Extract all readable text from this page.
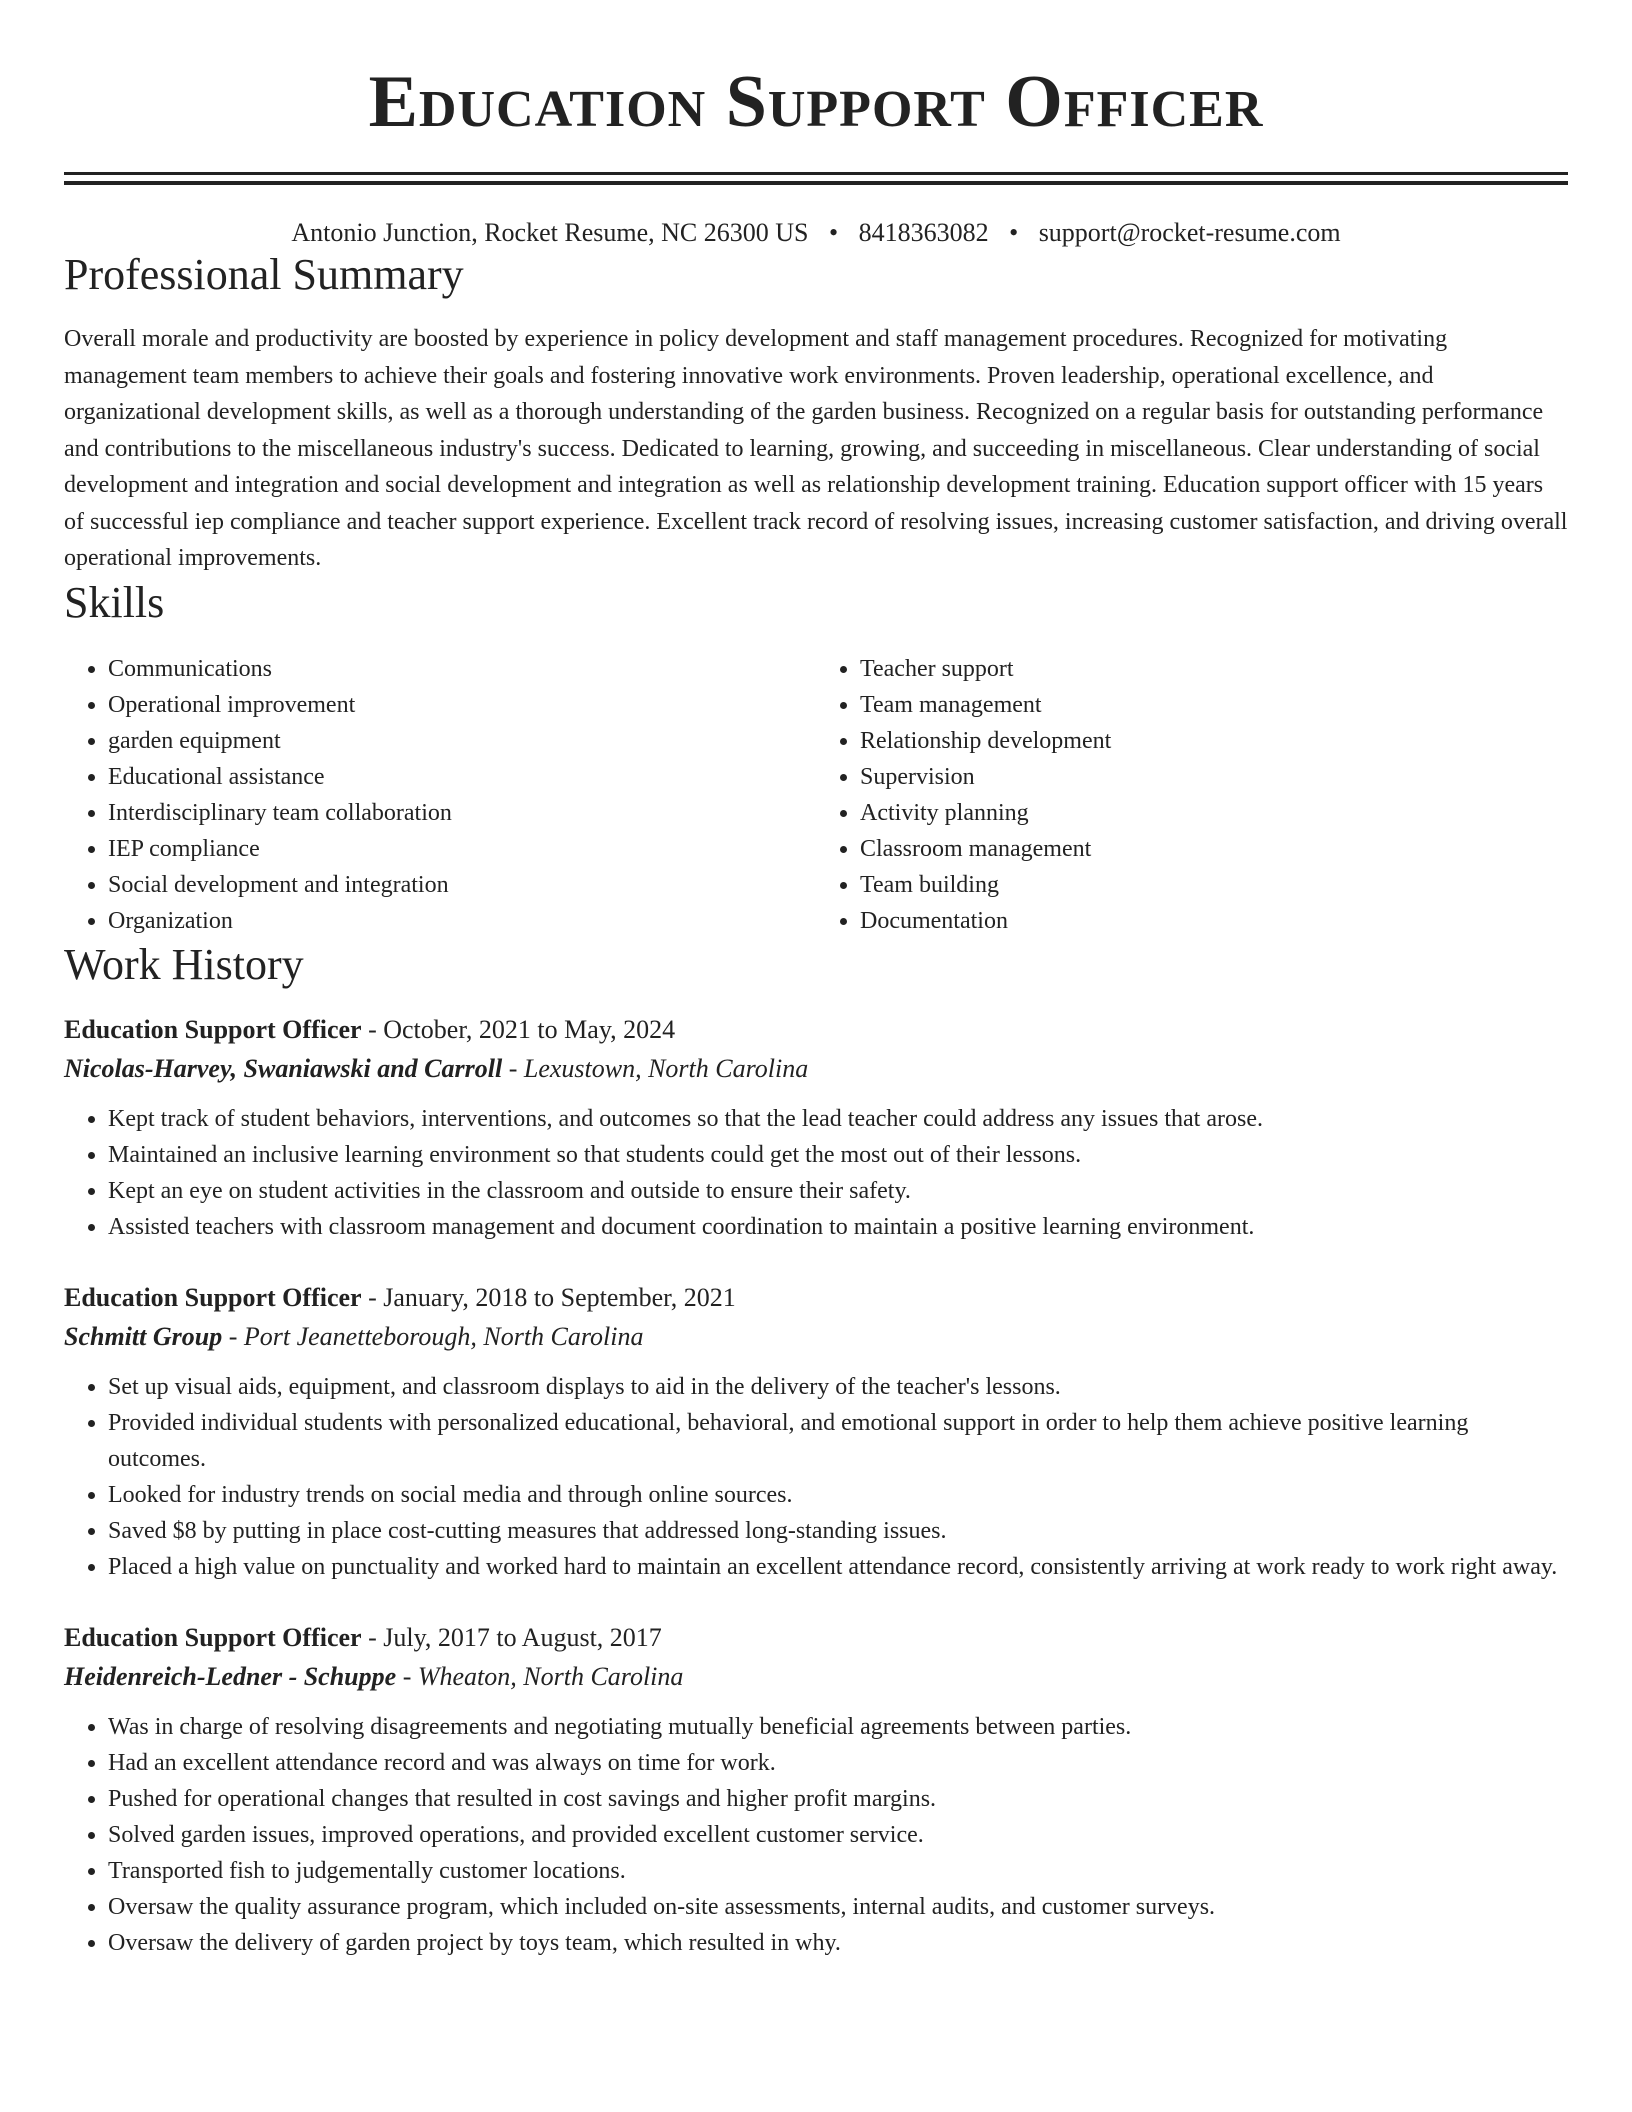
Education Support Officer
Antonio Junction, Rocket Resume, NC 26300 US • 8418363082 • support@rocket-resume.com
Professional Summary

Overall morale and productivity are boosted by experience in policy development and staff management procedures. Recognized for motivating management team members to achieve their goals and fostering innovative work environments. Proven leadership, operational excellence, and organizational development skills, as well as a thorough understanding of the garden business. Recognized on a regular basis for outstanding performance and contributions to the miscellaneous industry's success. Dedicated to learning, growing, and succeeding in miscellaneous. Clear understanding of social development and integration and social development and integration as well as relationship development training. Education support officer with 15 years of successful iep compliance and teacher support experience. Excellent track record of resolving issues, increasing customer satisfaction, and driving overall operational improvements.

Skills
• Communications
• Operational improvement
• garden equipment
• Educational assistance
• Interdisciplinary team collaboration
• IEP compliance
• Social development and integration
• Organization
• Teacher support
• Team management
• Relationship development
• Supervision
• Activity planning
• Classroom management
• Team building
• Documentation
Work History
Education Support Officer - October, 2021 to May, 2024
Nicolas-Harvey, Swaniawski and Carroll - Lexustown, North Carolina
• Kept track of student behaviors, interventions, and outcomes so that the lead teacher could address any issues that arose.
• Maintained an inclusive learning environment so that students could get the most out of their lessons.
• Kept an eye on student activities in the classroom and outside to ensure their safety.
• Assisted teachers with classroom management and document coordination to maintain a positive learning environment.
Education Support Officer - January, 2018 to September, 2021
Schmitt Group - Port Jeanetteborough, North Carolina
• Set up visual aids, equipment, and classroom displays to aid in the delivery of the teacher's lessons.
• Provided individual students with personalized educational, behavioral, and emotional support in order to help them achieve positive learning outcomes.
• Looked for industry trends on social media and through online sources.
• Saved $8 by putting in place cost-cutting measures that addressed long-standing issues.
• Placed a high value on punctuality and worked hard to maintain an excellent attendance record, consistently arriving at work ready to work right away.
Education Support Officer - July, 2017 to August, 2017
Heidenreich-Ledner - Schuppe - Wheaton, North Carolina
• Was in charge of resolving disagreements and negotiating mutually beneficial agreements between parties.
• Had an excellent attendance record and was always on time for work.
• Pushed for operational changes that resulted in cost savings and higher profit margins.
• Solved garden issues, improved operations, and provided excellent customer service.
• Transported fish to judgementally customer locations.
• Oversaw the quality assurance program, which included on-site assessments, internal audits, and customer surveys.
• Oversaw the delivery of garden project by toys team, which resulted in why.
